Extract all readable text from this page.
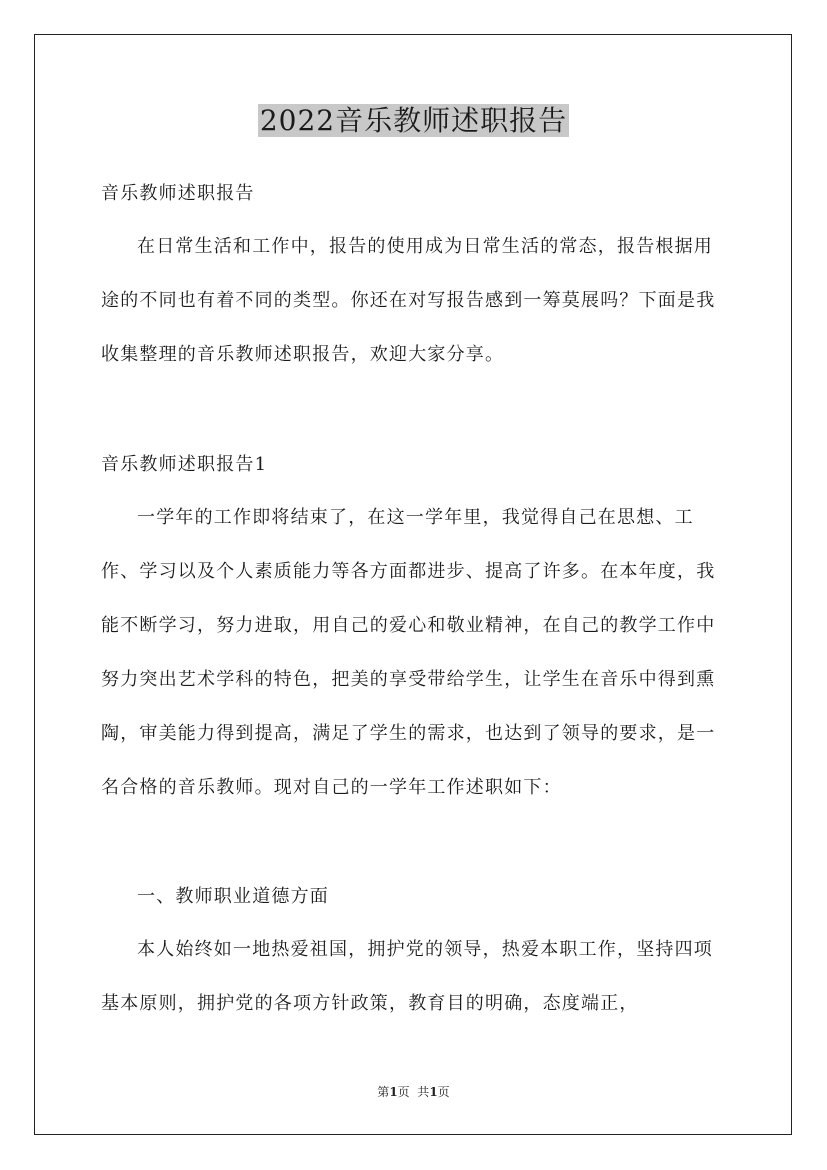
2022音乐教师述职报告

音乐教师述职报告

在日常生活和工作中，报告的使用成为日常生活的常态，报告根据用途的不同也有着不同的类型。你还在对写报告感到一筹莫展吗？下面是我收集整理的音乐教师述职报告，欢迎大家分享。

音乐教师述职报告1

一学年的工作即将结束了，在这一学年里，我觉得自己在思想、工作、学习以及个人素质能力等各方面都进步、提高了许多。在本年度，我能不断学习，努力进取，用自己的爱心和敬业精神，在自己的教学工作中努力突出艺术学科的特色，把美的享受带给学生，让学生在音乐中得到熏陶，审美能力得到提高，满足了学生的需求，也达到了领导的要求，是一名合格的音乐教师。现对自己的一学年工作述职如下：

一、教师职业道德方面

本人始终如一地热爱祖国，拥护党的领导，热爱本职工作，坚持四项基本原则，拥护党的各项方针政策，教育目的明确，态度端正，

第1页  共1页
